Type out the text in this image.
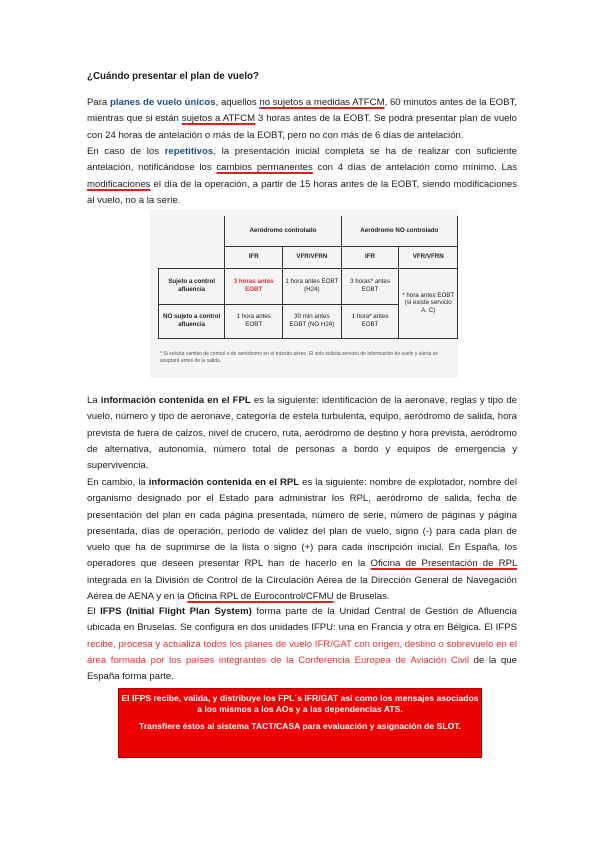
¿Cuándo presentar el plan de vuelo?

Para planes de vuelo únicos, aquellos no sujetos a medidas ATFCM, 60 minutos antes de la EOBT, mientras que si están sujetos a ATFCM 3 horas antes de la EOBT. Se podrá presentar plan de vuelo con 24 horas de antelación o más de la EOBT, pero no con más de 6 días de antelación.

En caso de los repetitivos, la presentación inicial completa se ha de realizar con suficiente antelación, notificándose los cambios permanentes con 4 días de antelación como mínimo. Las modificaciones el día de la operación, a partir de 15 horas antes de la EOBT, siendo modificaciones al vuelo, no a la serie.

	Aeródromo controlado		Aeródromo NO controlado	
	IFR	VFR/VFRN	IFR	VFR/VFRN
Sujeto a control afluencia	3 horas antes EOBT	1 hora antes EOBT (H24)	3 horas* antes EOBT	* hora antes EOBT (si existe servicio A. C)
NO sujeto a control afluencia	1 hora antes EOBT	30 min antes EOBT (NO H24)	1 hora* antes EOBT	
* Si solicita cambio de control o de aeródromo en el tránsito aéreo. El solo solicita servicio de información de vuelo y alerta se aceptará antes de la salida.

La información contenida en el FPL es la siguiente: identificación de la aeronave, reglas y tipo de vuelo, número y tipo de aeronave, categoría de estela turbulenta, equipo, aeródromo de salida, hora prevista de fuera de calzos, nivel de crucero, ruta, aeródromo de destino y hora prevista, aeródromo de alternativa, autonomía, número total de personas a bordo y equipos de emergencia y supervivencia.

En cambio, la información contenida en el RPL es la siguiente: nombre de explotador, nombre del organismo designado por el Estado para administrar los RPL, aeródromo de salida, fecha de presentación del plan en cada página presentada, número de serie, número de páginas y página presentada, días de operación, período de validez del plan de vuelo, signo (-) para cada plan de vuelo que ha de suprimirse de la lista o signo (+) para cada inscripción inicial. En España, los operadores que deseen presentar RPL han de hacerlo en la Oficina de Presentación de RPL integrada en la División de Control de la Circulación Aérea de la Dirección General de Navegación Aérea de AENA y en la Oficina RPL de Eurocontrol/CFMU de Bruselas.

El IFPS (Initial Flight Plan System) forma parte de la Unidad Central de Gestión de Afluencia ubicada en Bruselas. Se configura en dos unidades IFPU: una en Francia y otra en Bélgica. El IFPS recibe, procesa y actualiza todos los planes de vuelo IFR/GAT con origen, destino o sobrevuelo en el área formada por los países integrantes de la Conferencia Europea de Aviación Civil de la que España forma parte.

El IFPS recibe, valida, y distribuye los FPL´s IFR/GAT así como los mensajes asociados a los mismos a los AOs y a las dependencias ATS.

Transfiere éstos al sistema TACT/CASA para evaluación y asignación de SLOT.
